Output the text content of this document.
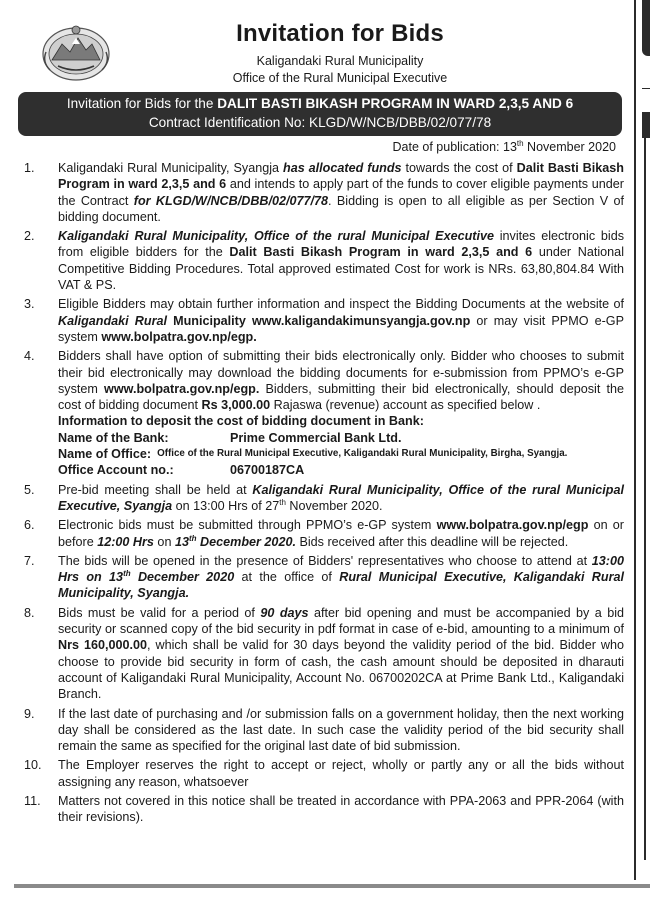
Invitation for Bids
Kaligandaki Rural Municipality
Office of the Rural Municipal Executive
Invitation for Bids for the DALIT BASTI BIKASH PROGRAM IN WARD 2,3,5 AND 6
Contract Identification No: KLGD/W/NCB/DBB/02/077/78
Date of publication: 13th November 2020
1.	Kaligandaki Rural Municipality, Syangja has allocated funds towards the cost of Dalit Basti Bikash Program in ward 2,3,5 and 6 and intends to apply part of the funds to cover eligible payments under the Contract for KLGD/W/NCB/DBB/02/077/78. Bidding is open to all eligible as per Section V of bidding document.
2.	Kaligandaki Rural Municipality, Office of the rural Municipal Executive invites electronic bids from eligible bidders for the Dalit Basti Bikash Program in ward 2,3,5 and 6 under National Competitive Bidding Procedures. Total approved estimated Cost for work is NRs. 63,80,804.84 With VAT & PS.
3.	Eligible Bidders may obtain further information and inspect the Bidding Documents at the website of Kaligandaki Rural Municipality www.kaligandakimunsyangja.gov.np or may visit PPMO e-GP system www.bolpatra.gov.np/egp.
4.	Bidders shall have option of submitting their bids electronically only. Bidder who chooses to submit their bid electronically may download the bidding documents for e-submission from PPMO’s e-GP system www.bolpatra.gov.np/egp. Bidders, submitting their bid electronically, should deposit the cost of bidding document Rs 3,000.00 Rajaswa (revenue) account as specified below .
Information to deposit the cost of bidding document in Bank:
Name of the Bank:	Prime Commercial Bank Ltd.
Name of Office: Office of the Rural Municipal Executive, Kaligandaki Rural Municipality, Birgha, Syangja.
Office Account no.:	06700187CA
5.	Pre-bid meeting shall be held at Kaligandaki Rural Municipality, Office of the rural Municipal Executive, Syangja on 13:00 Hrs of 27th November 2020.
6.	Electronic bids must be submitted through PPMO’s e-GP system www.bolpatra.gov.np/egp on or before 12:00 Hrs on 13th December 2020. Bids received after this deadline will be rejected.
7.	The bids will be opened in the presence of Bidders' representatives who choose to attend at 13:00 Hrs on 13th December 2020 at the office of Rural Municipal Executive, Kaligandaki Rural Municipality, Syangja.
8.	Bids must be valid for a period of 90 days after bid opening and must be accompanied by a bid security or scanned copy of the bid security in pdf format in case of e-bid, amounting to a minimum of Nrs 160,000.00, which shall be valid for 30 days beyond the validity period of the bid. Bidder who choose to provide bid security in form of cash, the cash amount should be deposited in dharauti account of Kaligandaki Rural Municipality, Account No. 06700202CA at Prime Bank Ltd., Kaligandaki Branch.
9.	If the last date of purchasing and /or submission falls on a government holiday, then the next working day shall be considered as the last date. In such case the validity period of the bid security shall remain the same as specified for the original last date of bid submission.
10.	The Employer reserves the right to accept or reject, wholly or partly any or all the bids without assigning any reason, whatsoever
11.	Matters not covered in this notice shall be treated in accordance with PPA-2063 and PPR-2064 (with their revisions).
